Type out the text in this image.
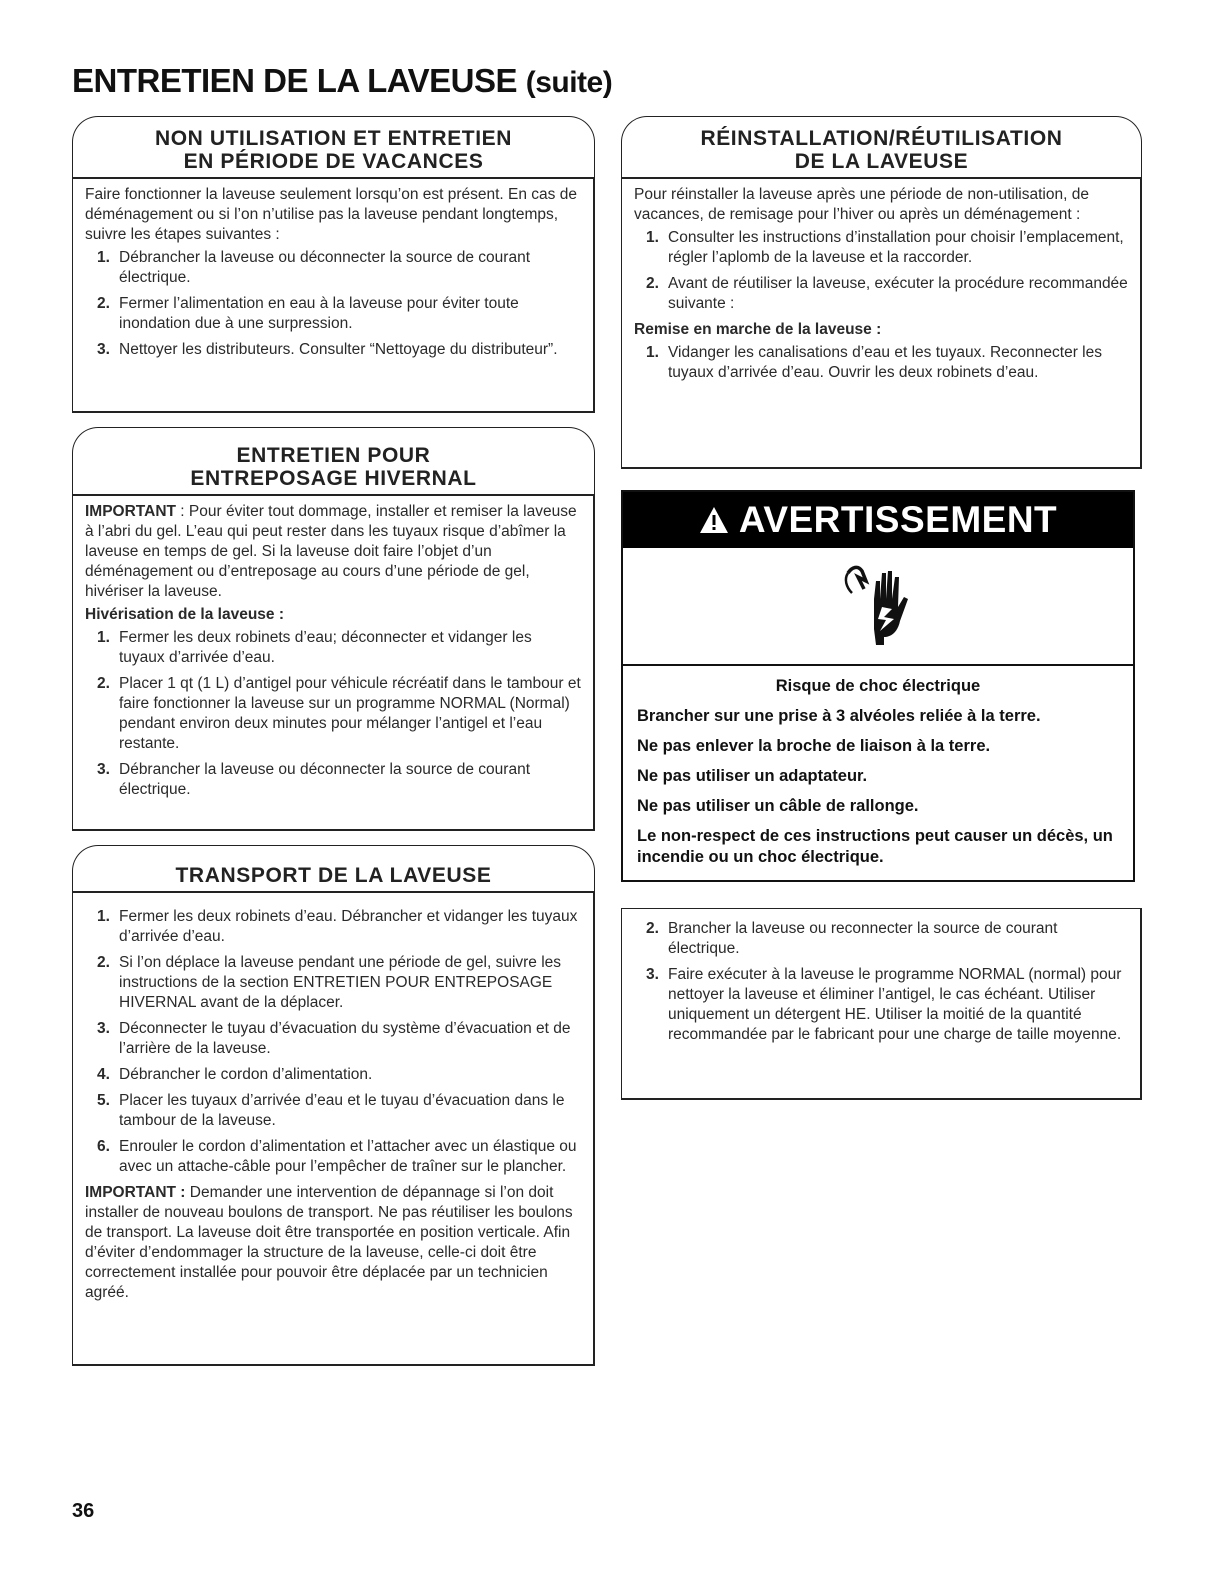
ENTRETIEN DE LA LAVEUSE (suite)
NON UTILISATION ET ENTRETIEN
EN PÉRIODE DE VACANCES

Faire fonctionner la laveuse seulement lorsqu’on est présent. En cas de déménagement ou si l’on n’utilise pas la laveuse pendant longtemps, suivre les étapes suivantes :

1. Débrancher la laveuse ou déconnecter la source de courant électrique.
2. Fermer l’alimentation en eau à la laveuse pour éviter toute inondation due à une surpression.
3. Nettoyer les distributeurs. Consulter “Nettoyage du distributeur”.
ENTRETIEN POUR
ENTREPOSAGE HIVERNAL

IMPORTANT : Pour éviter tout dommage, installer et remiser la laveuse à l’abri du gel. L’eau qui peut rester dans les tuyaux risque d’abîmer la laveuse en temps de gel. Si la laveuse doit faire l’objet d’un déménagement ou d’entreposage au cours d’une période de gel, hivériser la laveuse.

Hivérisation de la laveuse :

1. Fermer les deux robinets d’eau; déconnecter et vidanger les tuyaux d’arrivée d’eau.
2. Placer 1 qt (1 L) d’antigel pour véhicule récréatif dans le tambour et faire fonctionner la laveuse sur un programme NORMAL (Normal) pendant environ deux minutes pour mélanger l’antigel et l’eau restante.
3. Débrancher la laveuse ou déconnecter la source de courant électrique.
TRANSPORT DE LA LAVEUSE
1. Fermer les deux robinets d’eau. Débrancher et vidanger les tuyaux d’arrivée d’eau.
2. Si l’on déplace la laveuse pendant une période de gel, suivre les instructions de la section ENTRETIEN POUR ENTREPOSAGE HIVERNAL avant de la déplacer.
3. Déconnecter le tuyau d’évacuation du système d’évacuation et de l’arrière de la laveuse.
4. Débrancher le cordon d’alimentation.
5. Placer les tuyaux d’arrivée d’eau et le tuyau d’évacuation dans le tambour de la laveuse.
6. Enrouler le cordon d’alimentation et l’attacher avec un élastique ou avec un attache-câble pour l’empêcher de traîner sur le plancher.

IMPORTANT : Demander une intervention de dépannage si l’on doit installer de nouveau boulons de transport. Ne pas réutiliser les boulons de transport. La laveuse doit être transportée en position verticale. Afin d’éviter d’endommager la structure de la laveuse, celle-ci doit être correctement installée pour pouvoir être déplacée par un technicien agréé.

RÉINSTALLATION/RÉUTILISATION
DE LA LAVEUSE

Pour réinstaller la laveuse après une période de non-utilisation, de vacances, de remisage pour l’hiver ou après un déménagement :

1. Consulter les instructions d’installation pour choisir l’emplacement, régler l’aplomb de la laveuse et la raccorder.
2. Avant de réutiliser la laveuse, exécuter la procédure recommandée suivante :

Remise en marche de la laveuse :

1. Vidanger les canalisations d’eau et les tuyaux. Reconnecter les tuyaux d’arrivée d’eau. Ouvrir les deux robinets d’eau.
AVERTISSEMENT

Risque de choc électrique

Brancher sur une prise à 3 alvéoles reliée à la terre.

Ne pas enlever la broche de liaison à la terre.

Ne pas utiliser un adaptateur.

Ne pas utiliser un câble de rallonge.

Le non-respect de ces instructions peut causer un décès, un incendie ou un choc électrique.

2. Brancher la laveuse ou reconnecter la source de courant électrique.
3. Faire exécuter à la laveuse le programme NORMAL (normal) pour nettoyer la laveuse et éliminer l’antigel, le cas échéant. Utiliser uniquement un détergent HE. Utiliser la moitié de la quantité recommandée par le fabricant pour une charge de taille moyenne.
36
